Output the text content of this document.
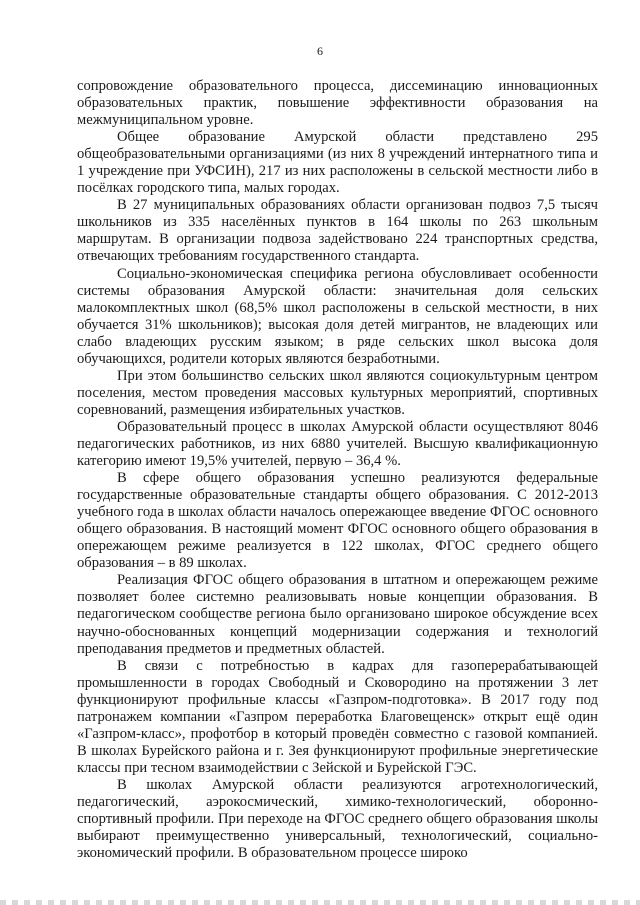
6

сопровождение образовательного процесса, диссеминацию инновационных образовательных практик, повышение эффективности образования на межмуниципальном уровне.

Общее образование Амурской области представлено 295 общеобразовательными организациями (из них 8 учреждений интернатного типа и 1 учреждение при УФСИН), 217 из них расположены в сельской местности либо в посёлках городского типа, малых городах.

В 27 муниципальных образованиях области организован подвоз 7,5 тысяч школьников из 335 населённых пунктов в 164 школы по 263 школьным маршрутам. В организации подвоза задействовано 224 транспортных средства, отвечающих требованиям государственного стандарта.

Социально-экономическая специфика региона обусловливает особенности системы образования Амурской области: значительная доля сельских малокомплектных школ (68,5% школ расположены в сельской местности, в них обучается 31% школьников); высокая доля детей мигрантов, не владеющих или слабо владеющих русским языком; в ряде сельских школ высока доля обучающихся, родители которых являются безработными.

При этом большинство сельских школ являются социокультурным центром поселения, местом проведения массовых культурных мероприятий, спортивных соревнований, размещения избирательных участков.

Образовательный процесс в школах Амурской области осуществляют 8046 педагогических работников, из них 6880 учителей. Высшую квалификационную категорию имеют 19,5% учителей, первую – 36,4 %.

В сфере общего образования успешно реализуются федеральные государственные образовательные стандарты общего образования. С 2012-2013 учебного года в школах области началось опережающее введение ФГОС основного общего образования. В настоящий момент ФГОС основного общего образования в опережающем режиме реализуется в 122 школах, ФГОС среднего общего образования – в 89 школах.

Реализация ФГОС общего образования в штатном и опережающем режиме позволяет более системно реализовывать новые концепции образования. В педагогическом сообществе региона было организовано широкое обсуждение всех научно-обоснованных концепций модернизации содержания и технологий преподавания предметов и предметных областей.

В связи с потребностью в кадрах для газоперерабатывающей промышленности в городах Свободный и Сковородино на протяжении 3 лет функционируют профильные классы «Газпром-подготовка». В 2017 году под патронажем компании «Газпром переработка Благовещенск» открыт ещё один «Газпром-класс», профотбор в который проведён совместно с газовой компанией. В школах Бурейского района и г. Зея функционируют профильные энергетические классы при тесном взаимодействии с Зейской и Бурейской ГЭС.

В школах Амурской области реализуются агротехнологический, педагогический, аэрокосмический, химико-технологический, оборонно-спортивный профили. При переходе на ФГОС среднего общего образования школы выбирают преимущественно универсальный, технологический, социально-экономический профили. В образовательном процессе широко
